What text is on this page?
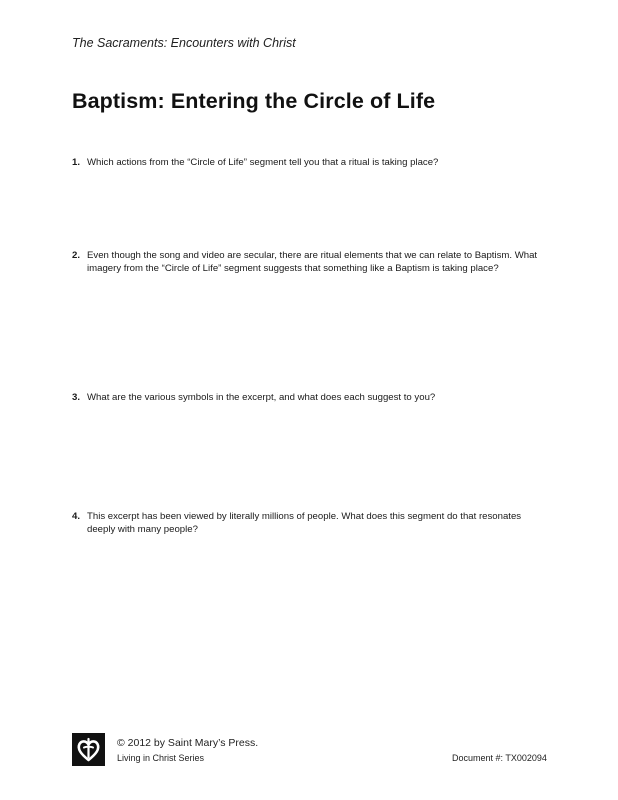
The Sacraments: Encounters with Christ
Baptism: Entering the Circle of Life
1. Which actions from the “Circle of Life” segment tell you that a ritual is taking place?
2. Even though the song and video are secular, there are ritual elements that we can relate to Baptism. What imagery from the “Circle of Life” segment suggests that something like a Baptism is taking place?
3. What are the various symbols in the excerpt, and what does each suggest to you?
4. This excerpt has been viewed by literally millions of people. What does this segment do that resonates deeply with many people?
© 2012 by Saint Mary’s Press.
Living in Christ Series	Document #: TX002094
